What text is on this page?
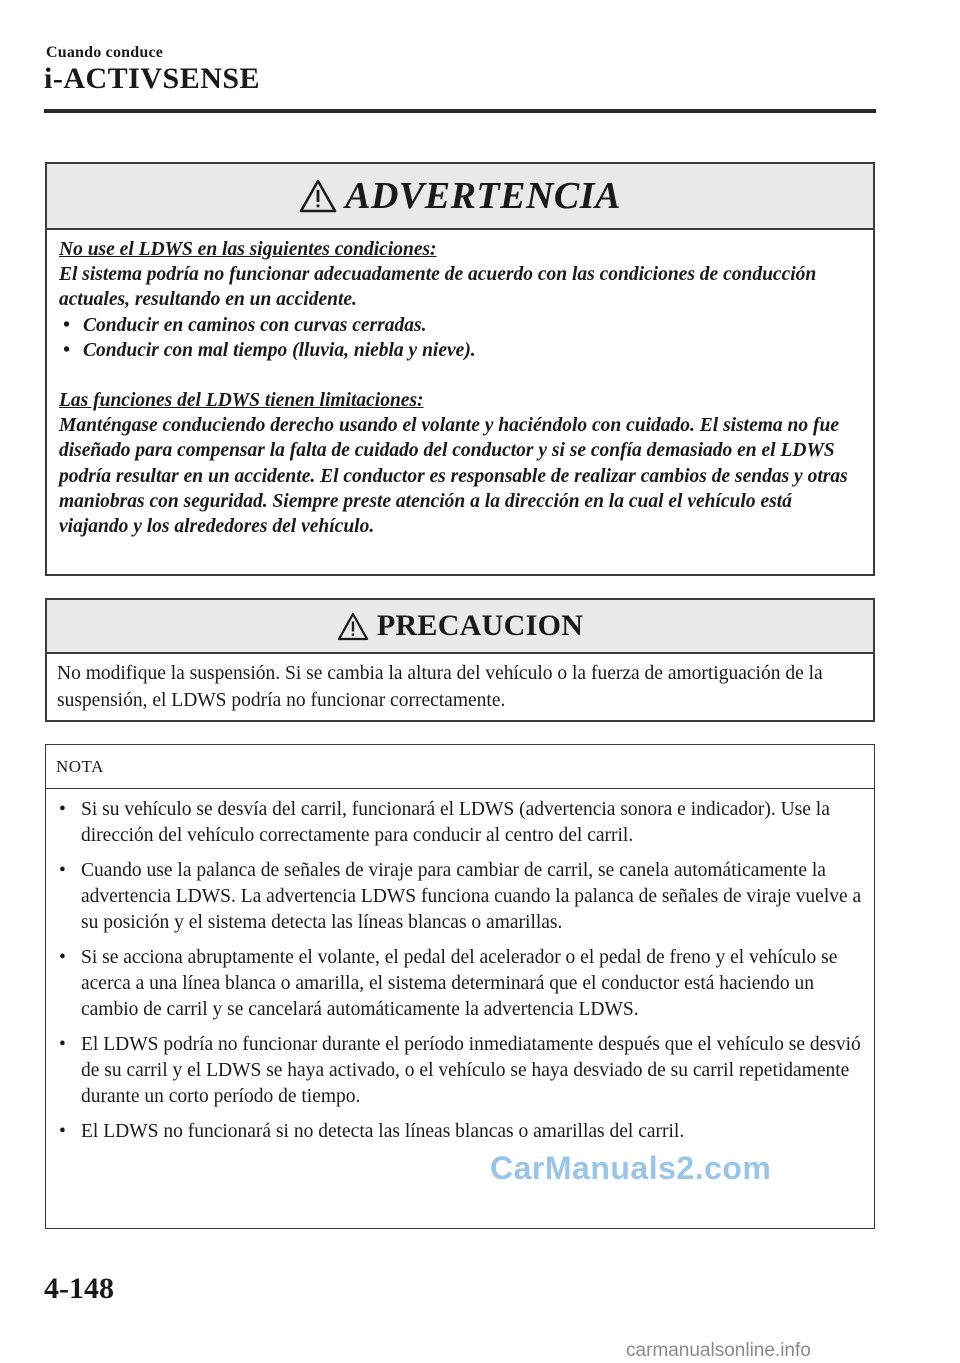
Cuando conduce
i-ACTIVSENSE
ADVERTENCIA
No use el LDWS en las siguientes condiciones:
El sistema podría no funcionar adecuadamente de acuerdo con las condiciones de conducción actuales, resultando en un accidente.
• Conducir en caminos con curvas cerradas.
• Conducir con mal tiempo (lluvia, niebla y nieve).
Las funciones del LDWS tienen limitaciones:
Manténgase conduciendo derecho usando el volante y haciéndolo con cuidado. El sistema no fue diseñado para compensar la falta de cuidado del conductor y si se confía demasiado en el LDWS podría resultar en un accidente. El conductor es responsable de realizar cambios de sendas y otras maniobras con seguridad. Siempre preste atención a la dirección en la cual el vehículo está viajando y los alrededores del vehículo.
PRECAUCION
No modifique la suspensión. Si se cambia la altura del vehículo o la fuerza de amortiguación de la suspensión, el LDWS podría no funcionar correctamente.
NOTA
• Si su vehículo se desvía del carril, funcionará el LDWS (advertencia sonora e indicador). Use la dirección del vehículo correctamente para conducir al centro del carril.
• Cuando use la palanca de señales de viraje para cambiar de carril, se canela automáticamente la advertencia LDWS. La advertencia LDWS funciona cuando la palanca de señales de viraje vuelve a su posición y el sistema detecta las líneas blancas o amarillas.
• Si se acciona abruptamente el volante, el pedal del acelerador o el pedal de freno y el vehículo se acerca a una línea blanca o amarilla, el sistema determinará que el conductor está haciendo un cambio de carril y se cancelará automáticamente la advertencia LDWS.
• El LDWS podría no funcionar durante el período inmediatamente después que el vehículo se desvió de su carril y el LDWS se haya activado, o el vehículo se haya desviado de su carril repetidamente durante un corto período de tiempo.
• El LDWS no funcionará si no detecta las líneas blancas o amarillas del carril.
CarManuals2.com
4-148
carmanualsonline.info
